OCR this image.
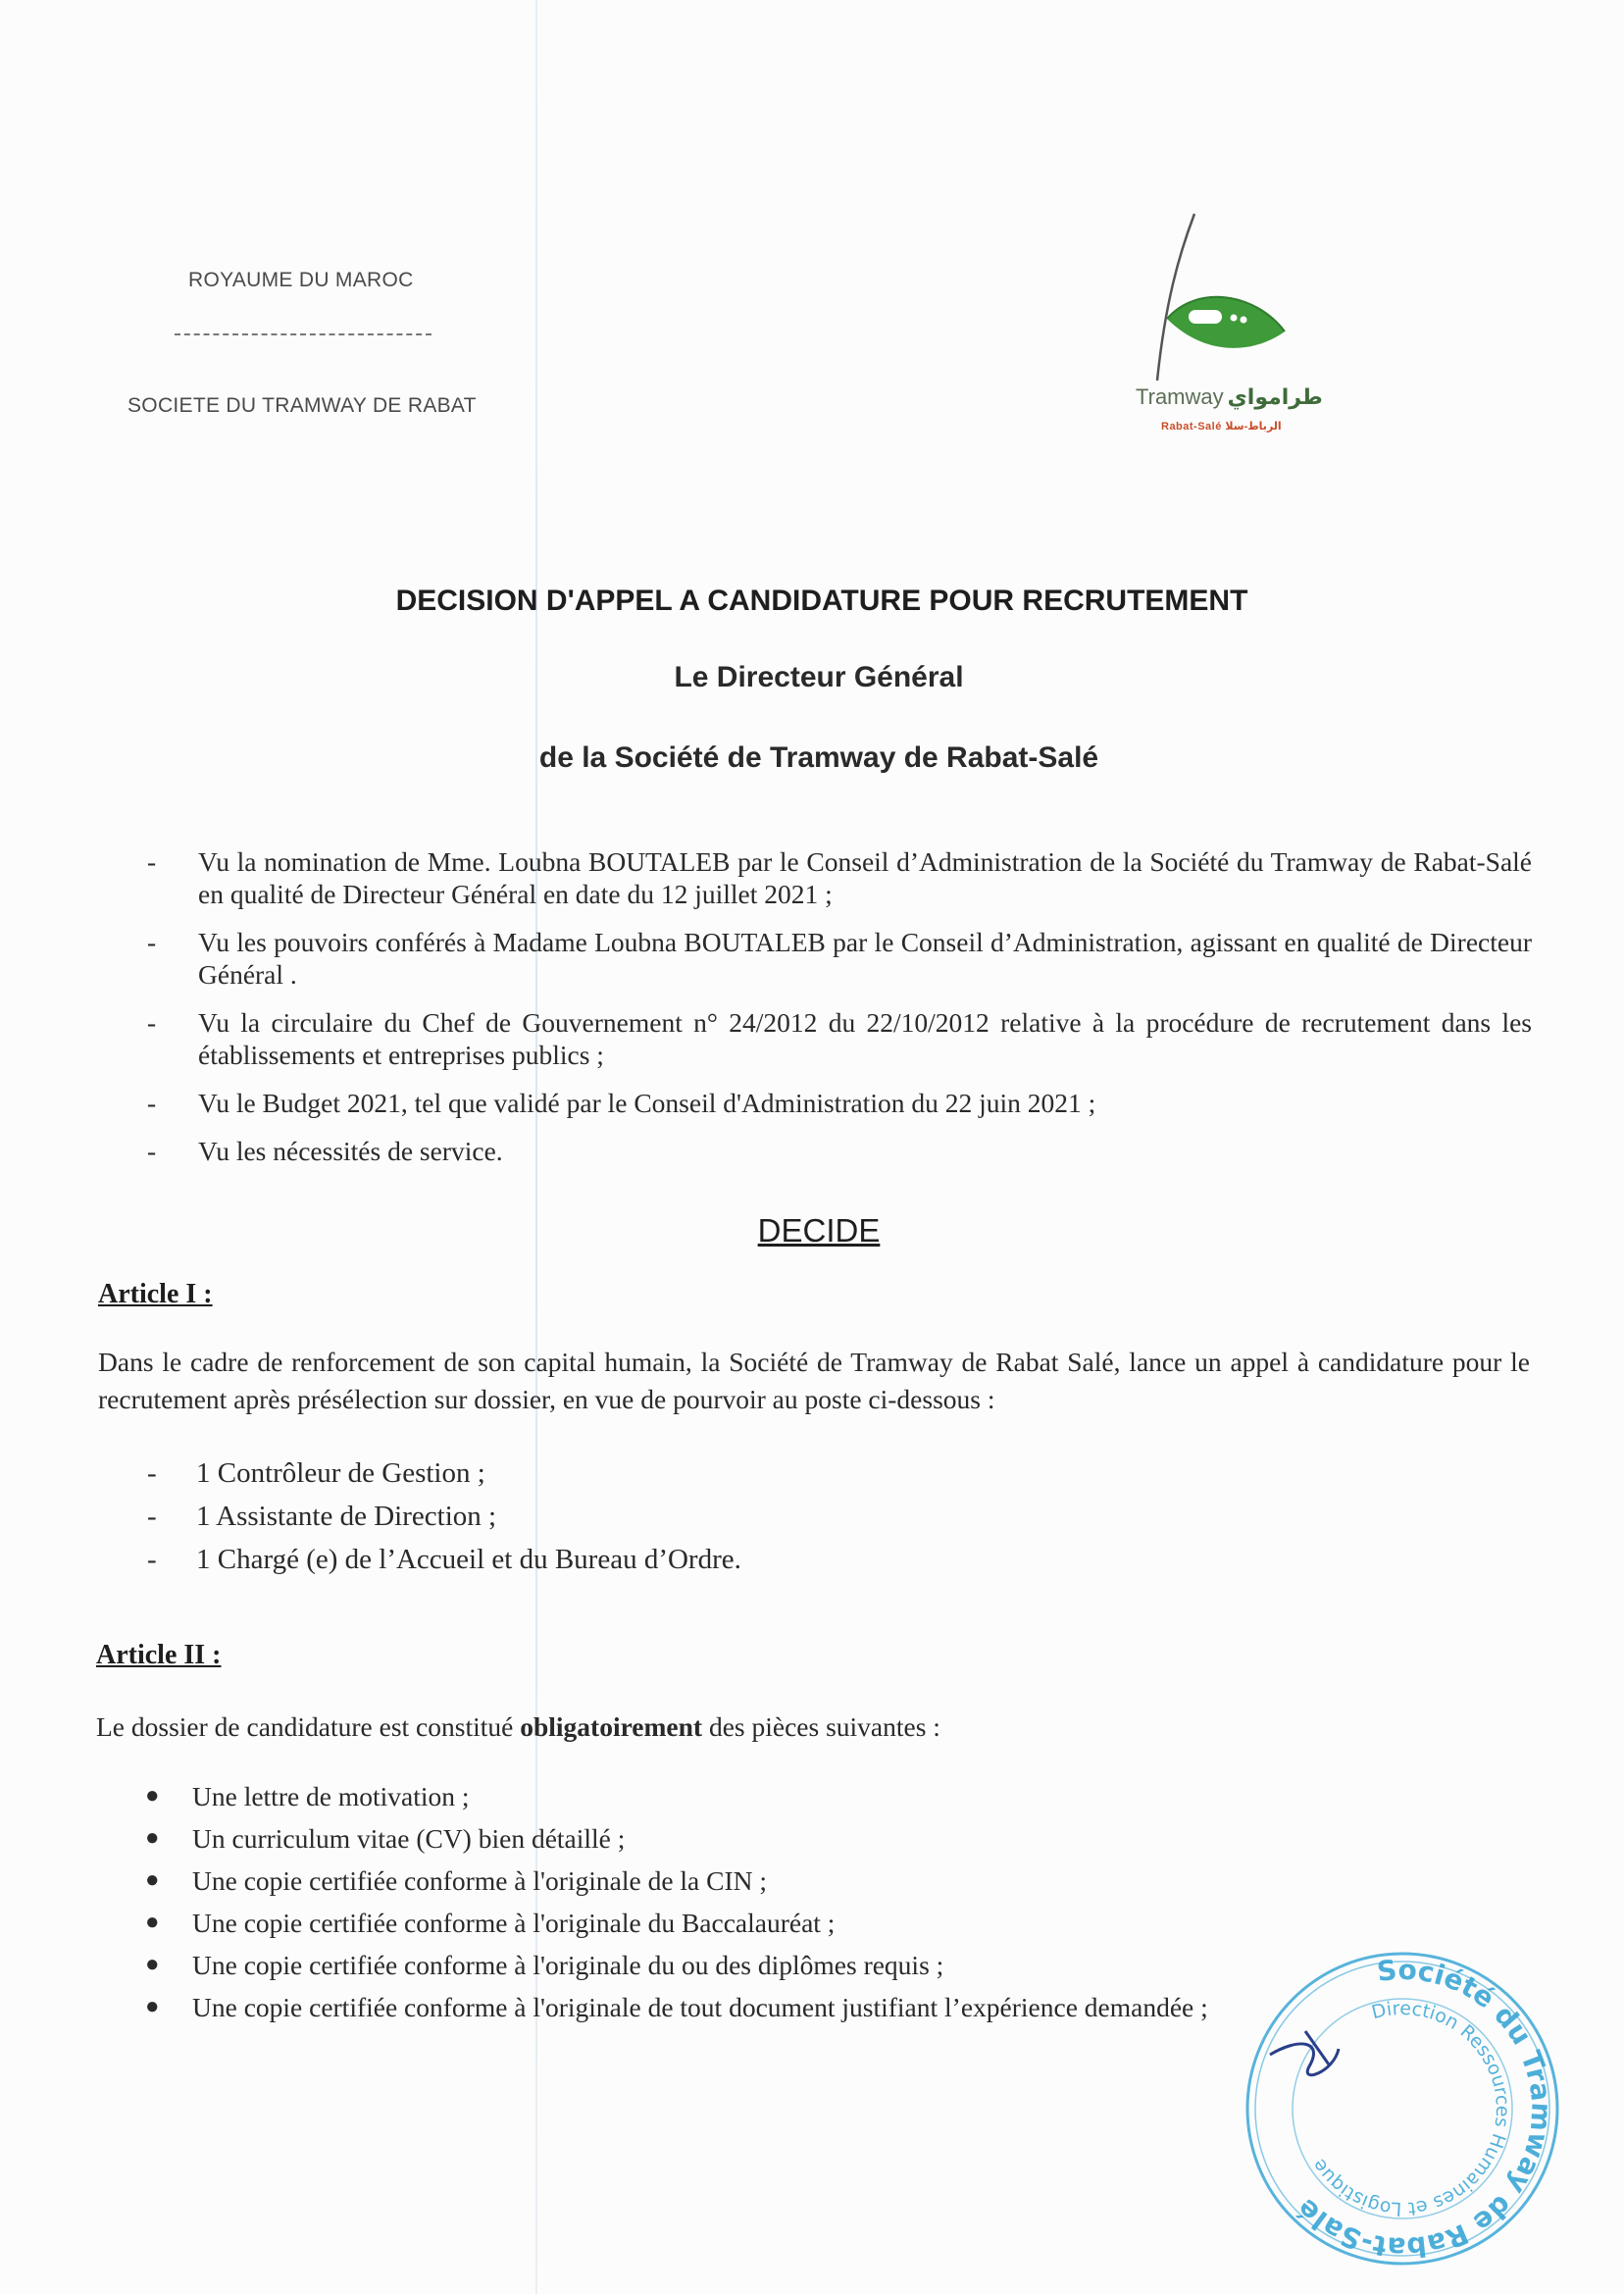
ROYAUME DU MAROC
SOCIETE DU TRAMWAY DE RABAT	Tramway طرامواي
Rabat-Salé الرباط-سلا
DECISION D'APPEL A CANDIDATURE POUR RECRUTEMENT
Le Directeur Général
de la Société de Tramway de Rabat-Salé
- Vu la nomination de Mme. Loubna BOUTALEB par le Conseil d’Administration de la Société du Tramway de Rabat-Salé en qualité de Directeur Général en date du 12 juillet 2021 ;
- Vu les pouvoirs conférés à Madame Loubna BOUTALEB par le Conseil d’Administration, agissant en qualité de Directeur Général .
- Vu la circulaire du Chef de Gouvernement n° 24/2012 du 22/10/2012 relative à la procédure de recrutement dans les établissements et entreprises publics ;
- Vu le Budget 2021, tel que validé par le Conseil d'Administration du 22 juin 2021 ;
- Vu les nécessités de service.
DECIDE
Article I :
Dans le cadre de renforcement de son capital humain, la Société de Tramway de Rabat Salé, lance un appel à candidature pour le recrutement après présélection sur dossier, en vue de pourvoir au poste ci-dessous :
- 1 Contrôleur de Gestion ;
- 1 Assistante de Direction ;
- 1 Chargé (e) de l’Accueil et du Bureau d’Ordre.
Article II :
Le dossier de candidature est constitué obligatoirement des pièces suivantes :
● Une lettre de motivation ;
● Un curriculum vitae (CV) bien détaillé ;
● Une copie certifiée conforme à l'originale de la CIN ;
● Une copie certifiée conforme à l'originale du Baccalauréat ;
● Une copie certifiée conforme à l'originale du ou des diplômes requis ;
● Une copie certifiée conforme à l'originale de tout document justifiant l’expérience demandée ;
Société du Tramway de Rabat-Salé
Direction Ressources Humaines et Logistique
